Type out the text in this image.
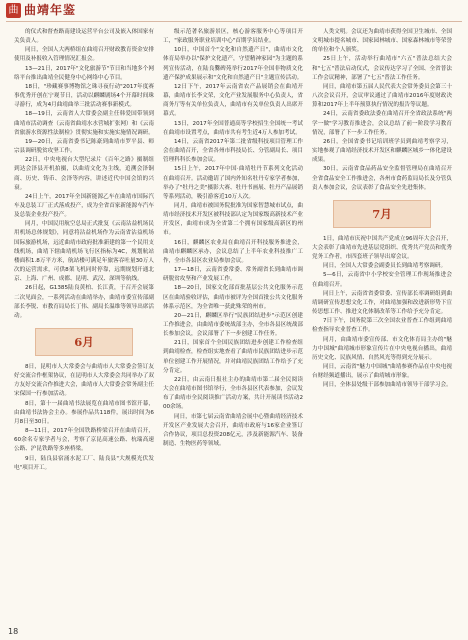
曲 曲靖年鉴

的仪式和督查路南建设运营平台公司及嵌入体国家有关负责人。

同日，全国人大两桥组在曲靖召开财政教育资金安排使用及补报收入管理情况汇报会。

13—21日，2017年"文化旅游节"节日和当地多个网络平台推出曲靖全民健身中心网络中心节目。

18日，"珍藏赛事博物馆之珠寻夜行动"2017年度赛事优秀开创在宁观节日，活动以麒麟剧场4个开幕时间珠寻游行，成为4月曲靖曲举三批活动赛事新模式。

18—19日，云南省人大常委会副主任韩爱国带领到曲靖市活动调查（云南省曲靖水水营城扩张网）和《云南省旅游水资源性法制检》贯彻实施和实施实施情况调研。

19—20日，云南省委书记陈豪到曲靖市罗平县、师宗县调研脱贫攻坚工作。

22日，中央电视台大型纪录片《百年之路》摄制组到达会泽县开机拍摄，以曲靖文化为主线，追溯会泽铜商、历史、铸币、会泽等内容，讲述近代中国会馆的兴衰。

24日上午，2017年全国新能源乙车在曲靖市国际汽车及总装工厂正式落成投产，成为全省首家新能源车汽车及总装企业投产投产。

同月，中国民用航空总局正式批复《云南沾益机场民用机场总体规划》，同意将沾益机场作为云南省沾益机场国际旅游机场，远近曲靖市政府批准新建的第一个民用支线机场，曲靖下辖曲靖机场飞行区指标为4C，规划航站楼面积1.8万平方米，航站楼可满足年旅客吞吐量30万人次的运营需求，可供8架飞机同时停靠，远期规划开通北京、上海、广州、成都、昆明、武汉、深圳等航线。

26日起，G1385陆良黄柏、长江黄，于召开会展第二次见面会，一系列活动在曲靖举办，曲靖市委宣传部副部长李锐、市教育局局长丁伟、副局长温维等领导出席活动。

6月

8日，昆明市人大常委会与曲靖市人大常委会签订友好交流合作框架协议，在昆明市人大常委会共同举办了双方友好交流合作推进大会，曲靖市人大常委会常务副主任宋保国一行参加活动。

8日，第十一届曲靖书法展览在曲靖市图书馆开幕，由曲靖书法协会主办。参展作品共118件，展出时间为6月8日至30日。

8—11日，2017年全国铁路桥梁召开在曲靖召开，60余名专家学者与会，考察了京昆高速公路、杭瑞高速公路、沪昆铁路等多座桥梁。

9日，陆良县宿涌水泥工厂、陆良县"大规模光伏发电"项目开工。

级示范著名旅游景区，核心游客服务中心等项目开工，"家政服务职业培训中心"首期学员结业。

10日，中国首个"文化和自然遗产日"，曲靖市文化体育局举办以"保护文化遗产，守望精神家园"为主题的系列宣传活动，在陆良爨碑苑举行2017年全国非物质文化遗产保护成果展示和"文化和自然遗产日"主题宣传活动。

12日下午，2017年云南省农产品展销会在曲靖开幕，曲靖市长李文荣，文化产业发展服务中心负责人，省商务厅等有关单位负责人，曲靖市有关单位负责人出席开幕式。

13日，2017年全国普通高等学校招生全国统一考试在曲靖市设置考点，曲靖市共有考生近4万人参加考试。

14日，云南省2017年第二批省级科技项目管理工作会在曲靖召开，全省各州市科技局长、分管副局长、项目管理科科长参加会议。

15日上午，2017年中国·曲靖牡丹节系列文化活动在曲靖召开。活动邀请了国内外知名牡丹专家学者参加，举办了"牡丹之美"摄影大赛、牡丹书画展、牡丹产品展销等系列活动，吸引游客近10万人次。

同月，曲靖市被国务院批准为国家智慧城市试点，曲靖市经济技术开发区被科技部认定为国家级高新技术产业开发区，曲靖市成为全省第二个拥有国家级高新区的州市。

16日，麒麟区农业局在曲靖召开科技服务推进会，曲靖市麒麟区承办，会议总结了上半年农业科技推广工作，全市各县区农业局参加会议。

17—18日，云南省委常委、常务副省长到曲靖市调研脱贫攻坚和产业发展工作。

18—20日，国家文化部首批基层公共文化服务示范区在曲靖验收评估，曲靖市被评为全国首批公共文化服务体系示范区，为全省唯一获此殊荣的州市。

20—21日，麒麟区举行"民族团结进步"示范区创建工作推进会，由曲靖市委统战部主办，全市各县区统战部长参加会议，会议部署了下一步创建工作任务。

21日，国家首个全国民族团结进步创建工作检查组到曲靖检查，检查组实地查看了曲靖市民族团结进步示范单位创建工作开展情况，并对曲靖民族团结工作给予了充分肯定。

22日，由云南日报社主办的曲靖市第二届全民阅读大会在曲靖市图书馆举行，全市各县区代表参加，会议发布了曲靖市全民阅读推广活动方案，共计开展读书活动200余场。

同日，市第七届云南省曲靖会展中心暨曲靖经济技术开发区产业发展大会召开，曲靖市政府与16家企业签订合作协议，项目总投资208亿元，涉及新能源汽车、装备制造、生物医药等领域。

人类文明。会议还为曲靖市获得全国卫生城市、全国文明城市提名城市、国家园林城市、国家森林城市等荣誉的单位和个人颁奖。

25日上午，活动举行曲靖市"六五"普法总结大会和"七五"普法启动仪式，会议传达学习了全国、全省普法工作会议精神，部署了"七五"普法工作任务。

同日，曲靖市第五届人民代表大会常务委员会第三十八次会议召开，会议审议通过了曲靖市2016年度财政决算和2017年上半年预算执行情况的报告等议题。

24日，云南省委政法委在曲靖召开全省政法系统"两学一做"学习教育推进会，会议总结了前一阶段学习教育情况，部署了下一步工作任务。

26日，全国省委书记培训班学员到曲靖考察学习，实地参观了曲靖经济技术开发区和麒麟区城乡一体化建设成果。

30日，云南省食品药品安全监督管理局在曲靖召开全省食品安全工作推进会，各州市食药监局局长及分管负责人参加会议，会议表彰了食品安全先进集体。

7月

1日，曲靖市庆祝中国共产党成立96周年大会召开，大会表彰了曲靖市先进基层党组织、优秀共产党员和优秀党务工作者，市四套班子领导出席会议。

同日，全国人大常委会副委员长到曲靖考察调研。

5—6日，云南省中小学校安全管理工作现场推进会在曲靖召开。

同日上午，云南省省委常委、宣传部长率调研组到曲靖调研宣传思想文化工作，对曲靖加强和改进新形势下宣传思想工作、推进文化体制改革等工作给予充分肯定。

7日下午，国务院第三次全国农业普查工作组到曲靖检查指导农业普查工作。

同月，由曲靖市委宣传部、市文化体育局主办的"魅力中国城"曲靖城市形象宣传片在中央电视台播出，曲靖历史文化、民族风情、自然风光等得到充分展示。

同日，云南省"魅力中国城"曲靖参赛作品在中央电视台财经频道播出，展示了曲靖城市形象。

同日，全体县处级干部参加曲靖市领导干部学习会。

18
